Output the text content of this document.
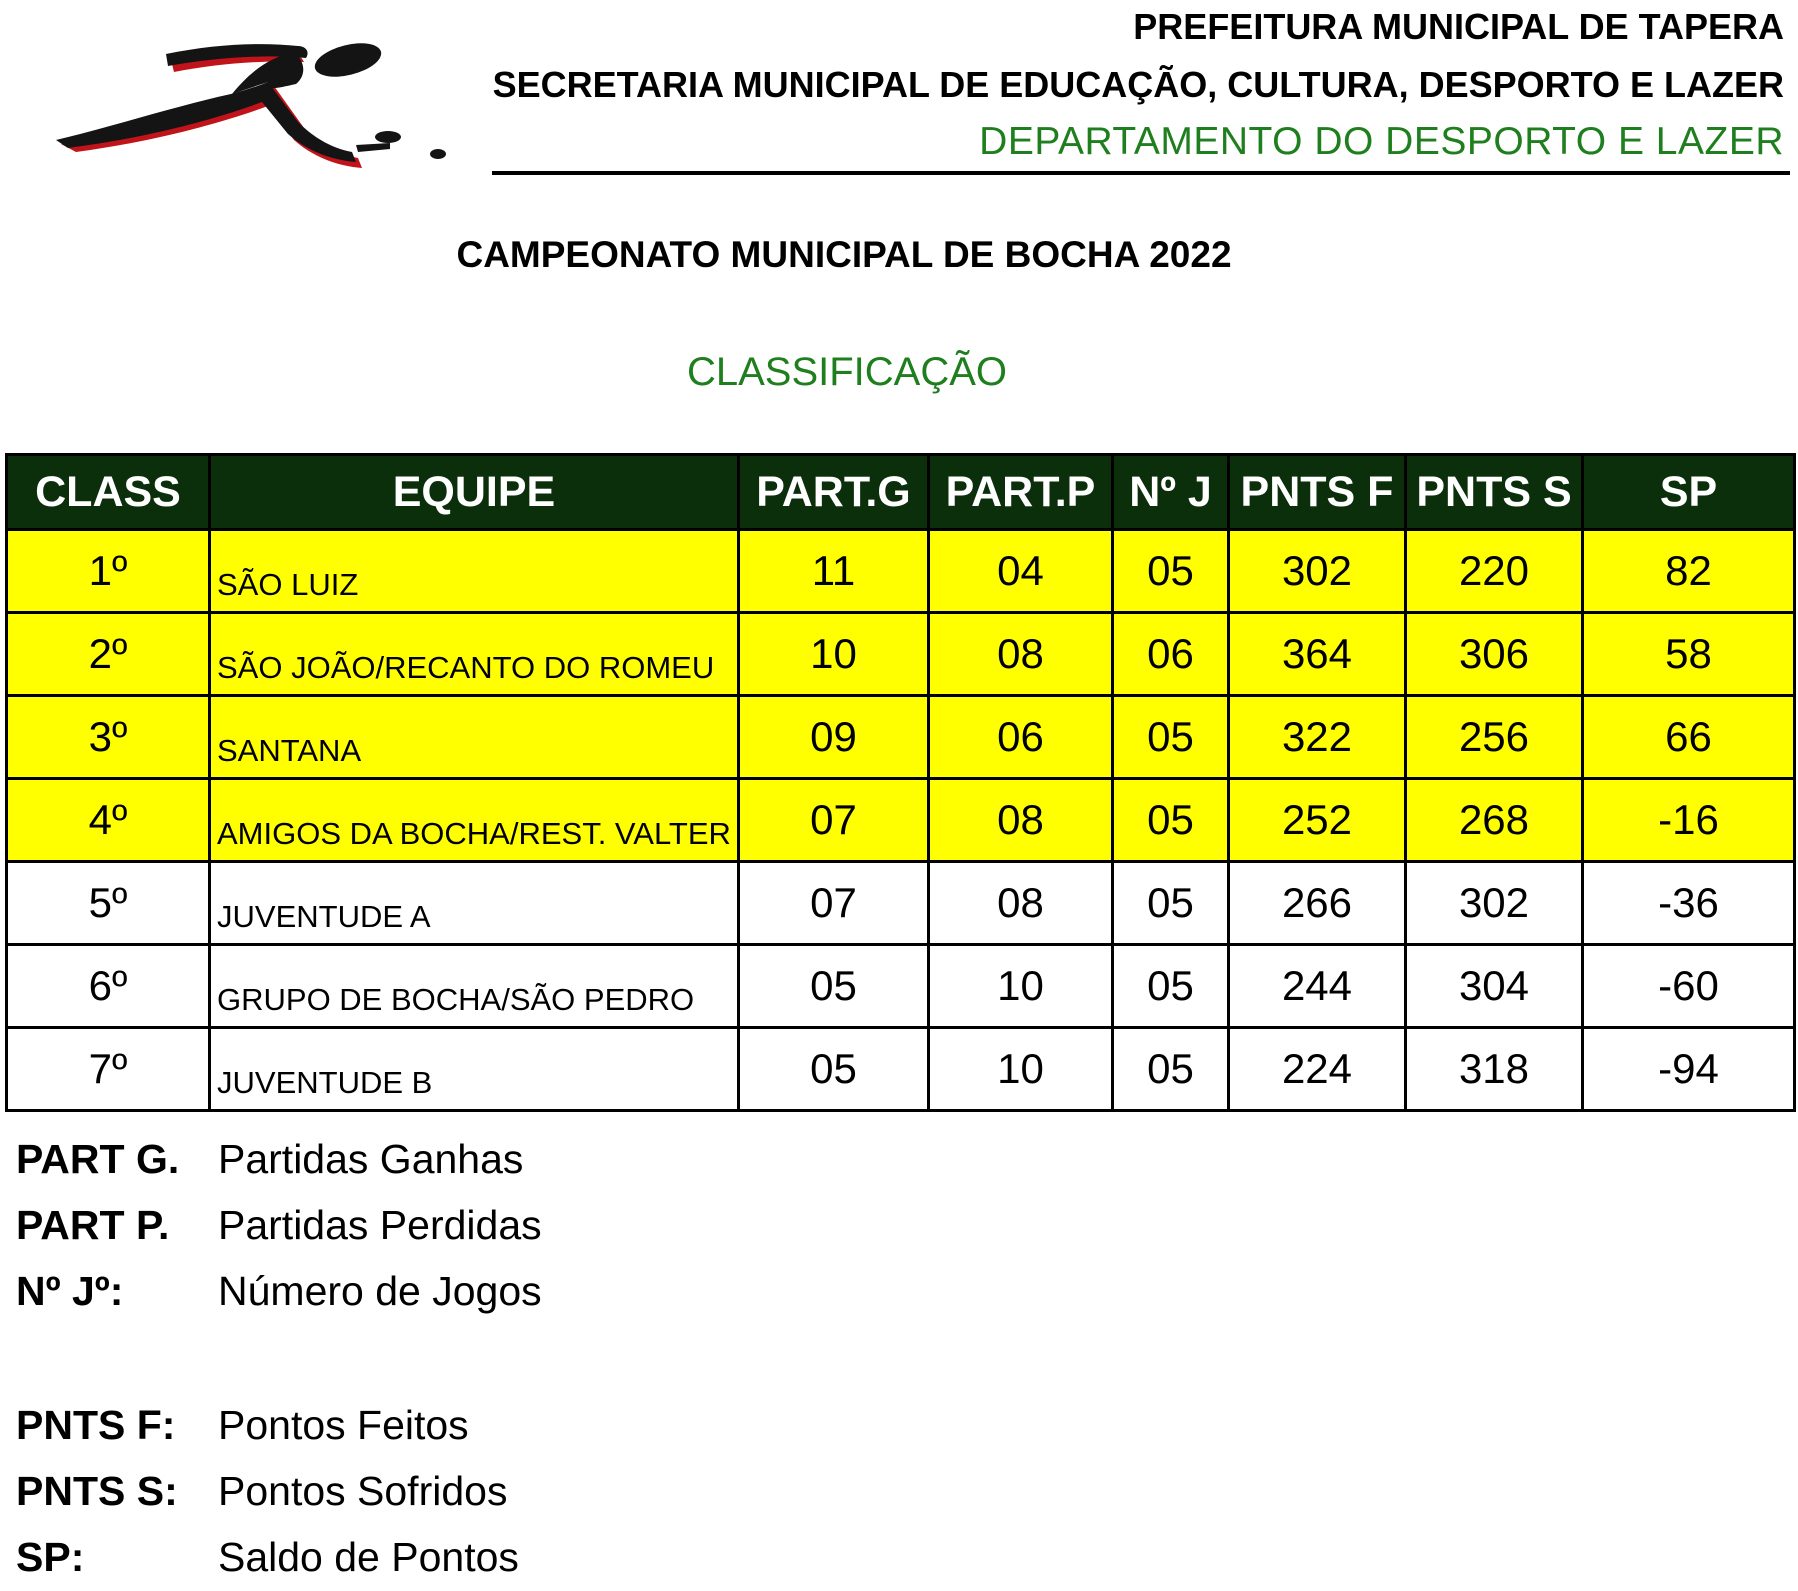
PREFEITURA MUNICIPAL DE TAPERA
SECRETARIA MUNICIPAL DE EDUCAÇÃO, CULTURA, DESPORTO E LAZER
DEPARTAMENTO DO DESPORTO E LAZER
CAMPEONATO MUNICIPAL DE BOCHA 2022
CLASSIFICAÇÃO
CLASS	EQUIPE	PART.G	PART.P	Nº J	PNTS F	PNTS S	SP
1º	SÃO LUIZ	11	04	05	302	220	82
2º	SÃO JOÃO/RECANTO DO ROMEU	10	08	06	364	306	58
3º	SANTANA	09	06	05	322	256	66
4º	AMIGOS DA BOCHA/REST. VALTER	07	08	05	252	268	-16
5º	JUVENTUDE A	07	08	05	266	302	-36
6º	GRUPO DE BOCHA/SÃO PEDRO	05	10	05	244	304	-60
7º	JUVENTUDE B	05	10	05	224	318	-94
PART G. Partidas Ganhas
PART P. Partidas Perdidas
Nº Jº: Número de Jogos
PNTS F: Pontos Feitos
PNTS S: Pontos Sofridos
SP:	Saldo de Pontos
